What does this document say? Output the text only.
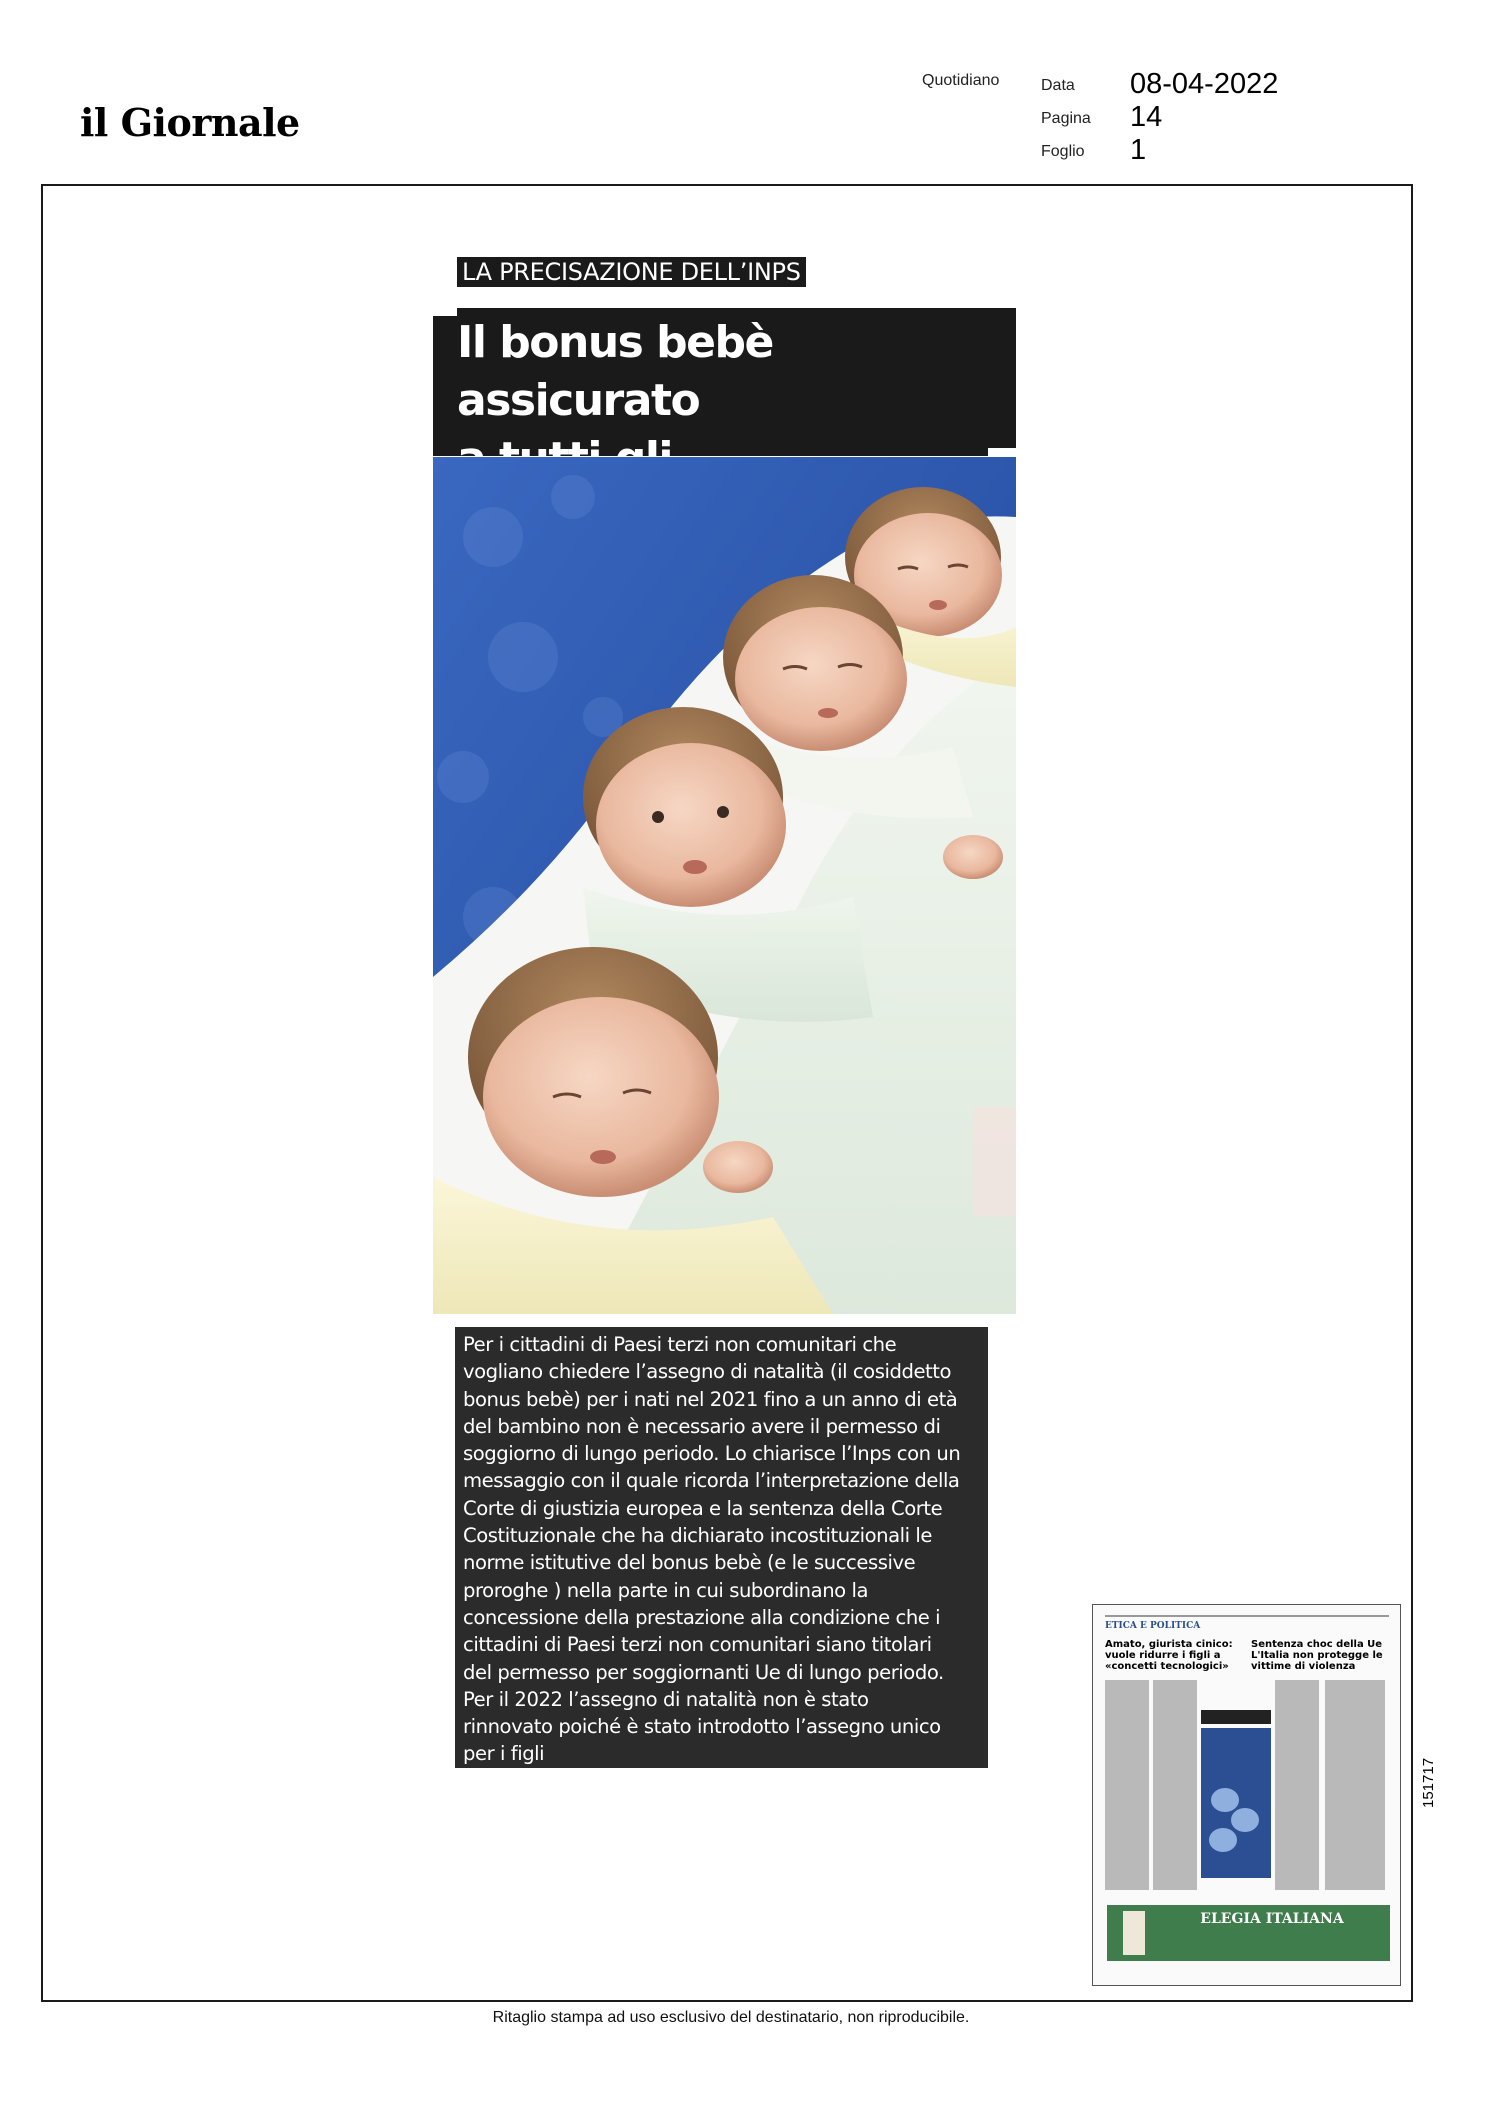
il Giornale
Quotidiano	Data 08-04-2022
Pagina 14
Foglio 1
LA PRECISAZIONE DELL’INPS
Il bonus bebè assicurato
Per i cittadini di Paesi terzi non comunitari che
vogliano chiedere l’assegno di natalità (il cosiddetto
bonus bebè) per i nati nel 2021 fino a un anno di età
del bambino non è necessario avere il permesso di
soggiorno di lungo periodo. Lo chiarisce l’Inps con un
messaggio con il quale ricorda l’interpretazione della
Corte di giustizia europea e la sentenza della Corte
Costituzionale che ha dichiarato incostituzionali le
norme istitutive del bonus bebè (e le successive
proroghe ) nella parte in cui subordinano la
concessione della prestazione alla condizione che i
cittadini di Paesi terzi non comunitari siano titolari
del permesso per soggiornanti Ue di lungo periodo.
Per il 2022 l’assegno di natalità non è stato
rinnovato poiché è stato introdotto l’assegno unico
per i figli
ETICA E POLITICA
Amato, giurista cinico: vuole ridurre i figli a «concetti tecnologici»
Sentenza choc della Ue L'Italia non protegge le vittime di violenza
ELEGIA ITALIANA
151717
Ritaglio stampa ad uso esclusivo del destinatario, non riproducibile.
